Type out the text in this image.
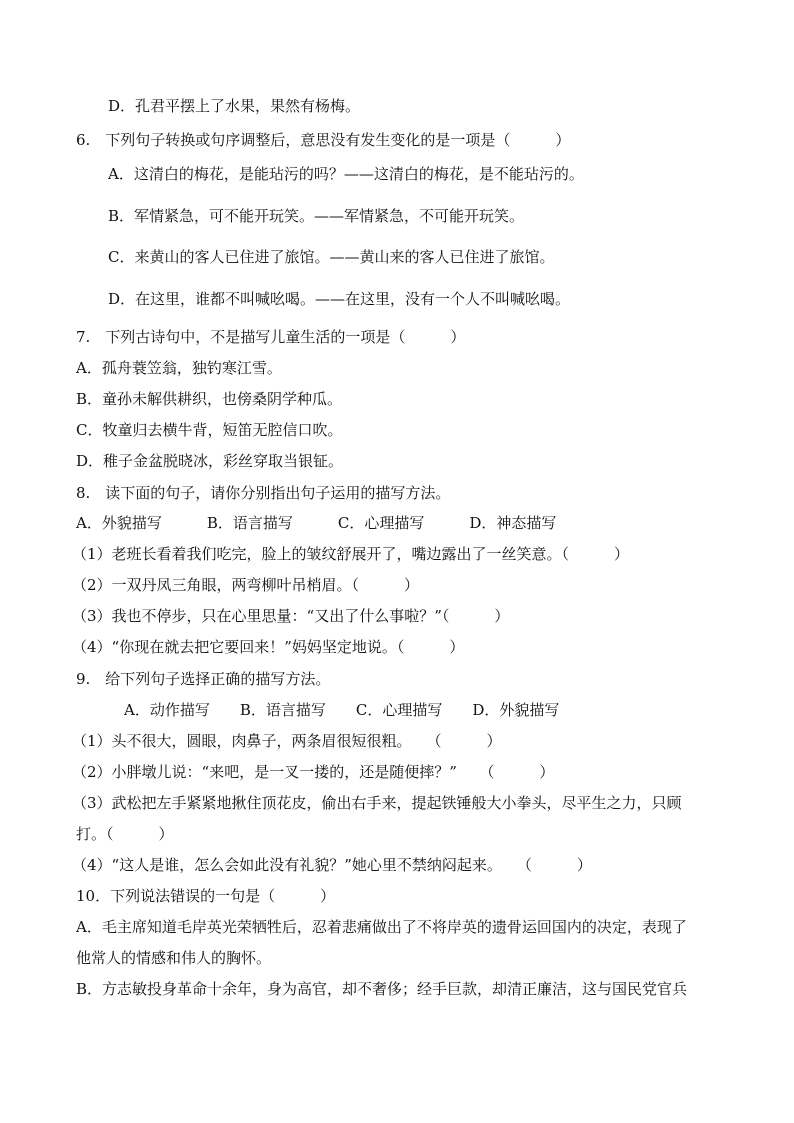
D．孔君平摆上了水果，果然有杨梅。
6.　下列句子转换或句序调整后，意思没有发生变化的是一项是（　　　）
A．这清白的梅花，是能玷污的吗？——这清白的梅花，是不能玷污的。
B．军情紧急，可不能开玩笑。——军情紧急，不可能开玩笑。
C．来黄山的客人已住进了旅馆。——黄山来的客人已住进了旅馆。
D．在这里，谁都不叫喊吆喝。——在这里，没有一个人不叫喊吆喝。
7.　下列古诗句中，不是描写儿童生活的一项是（　　　）
A．孤舟蓑笠翁，独钓寒江雪。
B．童孙未解供耕织，也傍桑阴学种瓜。
C．牧童归去横牛背，短笛无腔信口吹。
D．稚子金盆脱晓冰，彩丝穿取当银钲。
8.　读下面的句子，请你分别指出句子运用的描写方法。
A．外貌描写　　　B．语言描写　　　C．心理描写　　　D．神态描写
（1）老班长看着我们吃完，脸上的皱纹舒展开了，嘴边露出了一丝笑意。（　　　）
（2）一双丹凤三角眼，两弯柳叶吊梢眉。（　　　）
（3）我也不停步，只在心里思量：“又出了什么事啦？”（　　　）
（4）“你现在就去把它要回来！”妈妈坚定地说。（　　　）
9.　给下列句子选择正确的描写方法。
A．动作描写　　B．语言描写　　C．心理描写　　D．外貌描写
（1）头不很大，圆眼，肉鼻子，两条眉很短很粗。　　（　　　）
（2）小胖墩儿说：“来吧，是一叉一搂的，还是随便摔？”　　（　　　）
（3）武松把左手紧紧地揪住顶花皮，偷出右手来，提起铁锤般大小拳头，尽平生之力，只顾
打。（　　　）
（4）“这人是谁，怎么会如此没有礼貌？”她心里不禁纳闷起来。　　（　　　）
10．下列说法错误的一句是（　　　）
A．毛主席知道毛岸英光荣牺牲后，忍着悲痛做出了不将岸英的遗骨运回国内的决定，表现了
他常人的情感和伟人的胸怀。
B．方志敏投身革命十余年，身为高官，却不奢侈；经手巨款，却清正廉洁，这与国民党官兵
